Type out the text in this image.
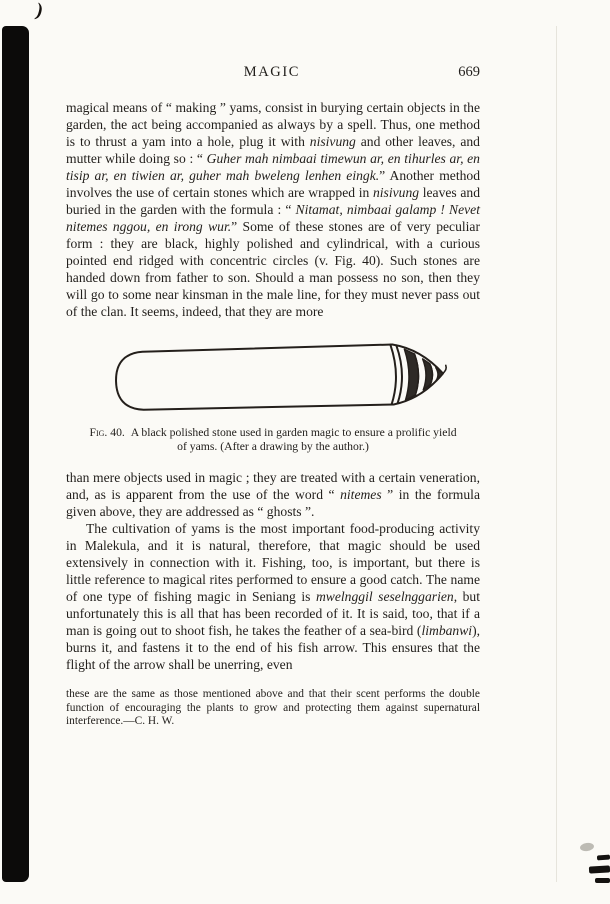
)
MAGIC	669

magical means of “ making ” yams, consist in burying certain objects in the garden, the act being accompanied as always by a spell. Thus, one method is to thrust a yam into a hole, plug it with nisivung and other leaves, and mutter while doing so : “ Guher mah nimbaai timewun ar, en tihurles ar, en tisip ar, en tiwien ar, guher mah bweleng lenhen eingk.” Another method involves the use of certain stones which are wrapped in nisivung leaves and buried in the garden with the formula : “ Nitamat, nimbaai galamp ! Nevet nitemes nggou, en irong wur.” Some of these stones are of very peculiar form : they are black, highly polished and cylindrical, with a curious pointed end ridged with concentric circles (v. Fig. 40). Such stones are handed down from father to son. Should a man possess no son, then they will go to some near kinsman in the male line, for they must never pass out of the clan. It seems, indeed, that they are more

Fig. 40. A black polished stone used in garden magic to ensure a prolific yield
of yams. (After a drawing by the author.)

than mere objects used in magic ; they are treated with a certain veneration, and, as is apparent from the use of the word “ nitemes ” in the formula given above, they are addressed as “ ghosts ”.

The cultivation of yams is the most important food-producing activity in Malekula, and it is natural, therefore, that magic should be used extensively in connection with it. Fishing, too, is important, but there is little reference to magical rites performed to ensure a good catch. The name of one type of fishing magic in Seniang is mwelnggil seselnggarien, but unfortunately this is all that has been recorded of it. It is said, too, that if a man is going out to shoot fish, he takes the feather of a sea-bird (limbanwi), burns it, and fastens it to the end of his fish arrow. This ensures that the flight of the arrow shall be unerring, even

these are the same as those mentioned above and that their scent performs the double function of encouraging the plants to grow and protecting them against supernatural interference.—C. H. W.
